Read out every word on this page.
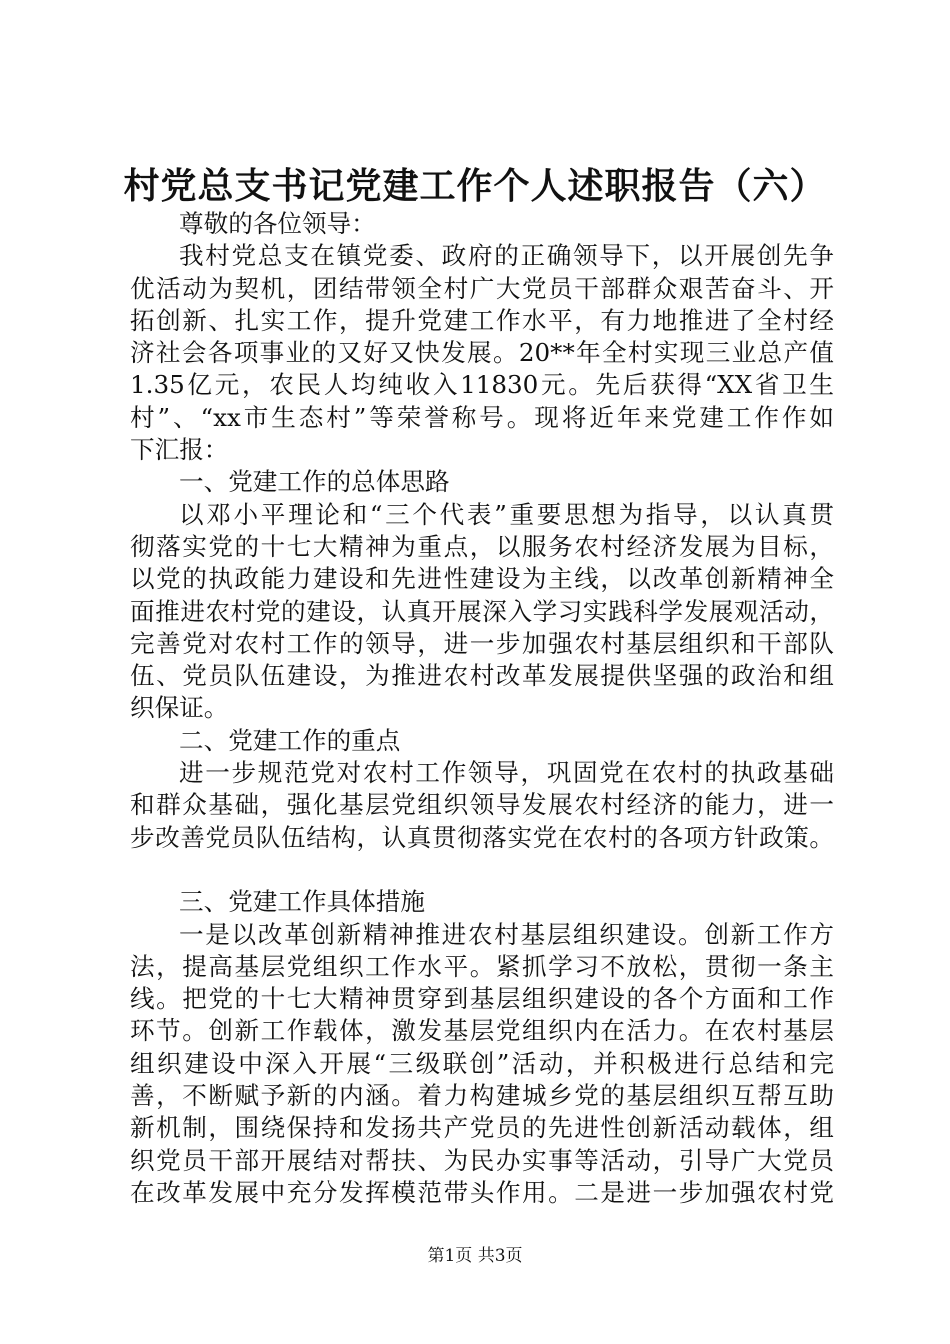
村党总支书记党建工作个人述职报告（六）
尊敬的各位领导：
我村党总支在镇党委、政府的正确领导下，以开展创先争
优活动为契机，团结带领全村广大党员干部群众艰苦奋斗、开
拓创新、扎实工作，提升党建工作水平，有力地推进了全村经
济社会各项事业的又好又快发展。20**年全村实现三业总产值
1.35亿元，农民人均纯收入11830元。先后获得“XX省卫生
村”、“xx市生态村”等荣誉称号。现将近年来党建工作作如
下汇报：
一、党建工作的总体思路
以邓小平理论和“三个代表”重要思想为指导，以认真贯
彻落实党的十七大精神为重点，以服务农村经济发展为目标，
以党的执政能力建设和先进性建设为主线，以改革创新精神全
面推进农村党的建设，认真开展深入学习实践科学发展观活动，
完善党对农村工作的领导，进一步加强农村基层组织和干部队
伍、党员队伍建设，为推进农村改革发展提供坚强的政治和组
织保证。
二、党建工作的重点
进一步规范党对农村工作领导，巩固党在农村的执政基础
和群众基础，强化基层党组织领导发展农村经济的能力，进一
步改善党员队伍结构，认真贯彻落实党在农村的各项方针政策。
三、党建工作具体措施
一是以改革创新精神推进农村基层组织建设。创新工作方
法，提高基层党组织工作水平。紧抓学习不放松，贯彻一条主
线。把党的十七大精神贯穿到基层组织建设的各个方面和工作
环节。创新工作载体，激发基层党组织内在活力。在农村基层
组织建设中深入开展“三级联创”活动，并积极进行总结和完
善，不断赋予新的内涵。着力构建城乡党的基层组织互帮互助
新机制，围绕保持和发扬共产党员的先进性创新活动载体，组
织党员干部开展结对帮扶、为民办实事等活动，引导广大党员
在改革发展中充分发挥模范带头作用。二是进一步加强农村党
第1页 共3页
